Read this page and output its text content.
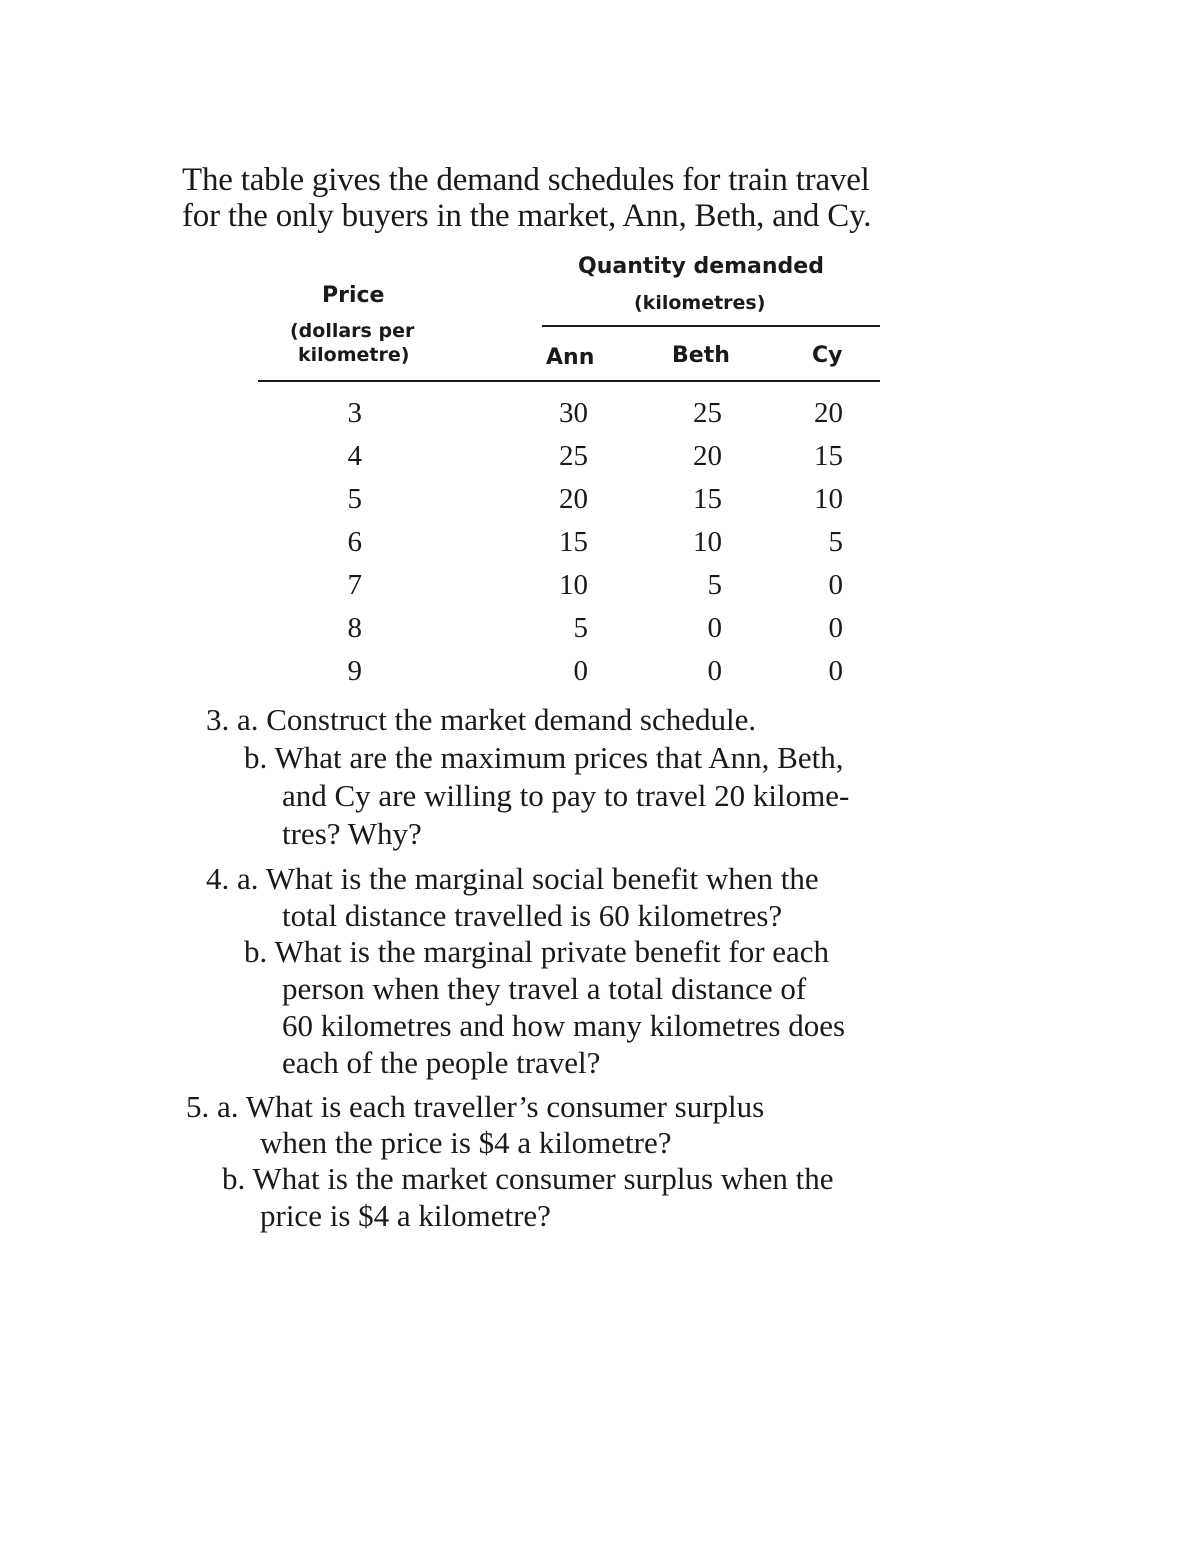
The table gives the demand schedules for train travel
for the only buyers in the market, Ann, Beth, and Cy.
Price
(dollars per
kilometre)
Quantity demanded
(kilometres)
Ann	Beth	Cy
3	30	25	20
4	25	20	15
5	20	15	10
6	15	10	5
7	10	5	0
8	5	0	0
9	0	0	0
3. a. Construct the market demand schedule.
b. What are the maximum prices that Ann, Beth,
and Cy are willing to pay to travel 20 kilome-
tres? Why?
4. a. What is the marginal social benefit when the
total distance travelled is 60 kilometres?
b. What is the marginal private benefit for each
person when they travel a total distance of
60 kilometres and how many kilometres does
each of the people travel?
5. a. What is each traveller’s consumer surplus
when the price is $4 a kilometre?
b. What is the market consumer surplus when the
price is $4 a kilometre?
